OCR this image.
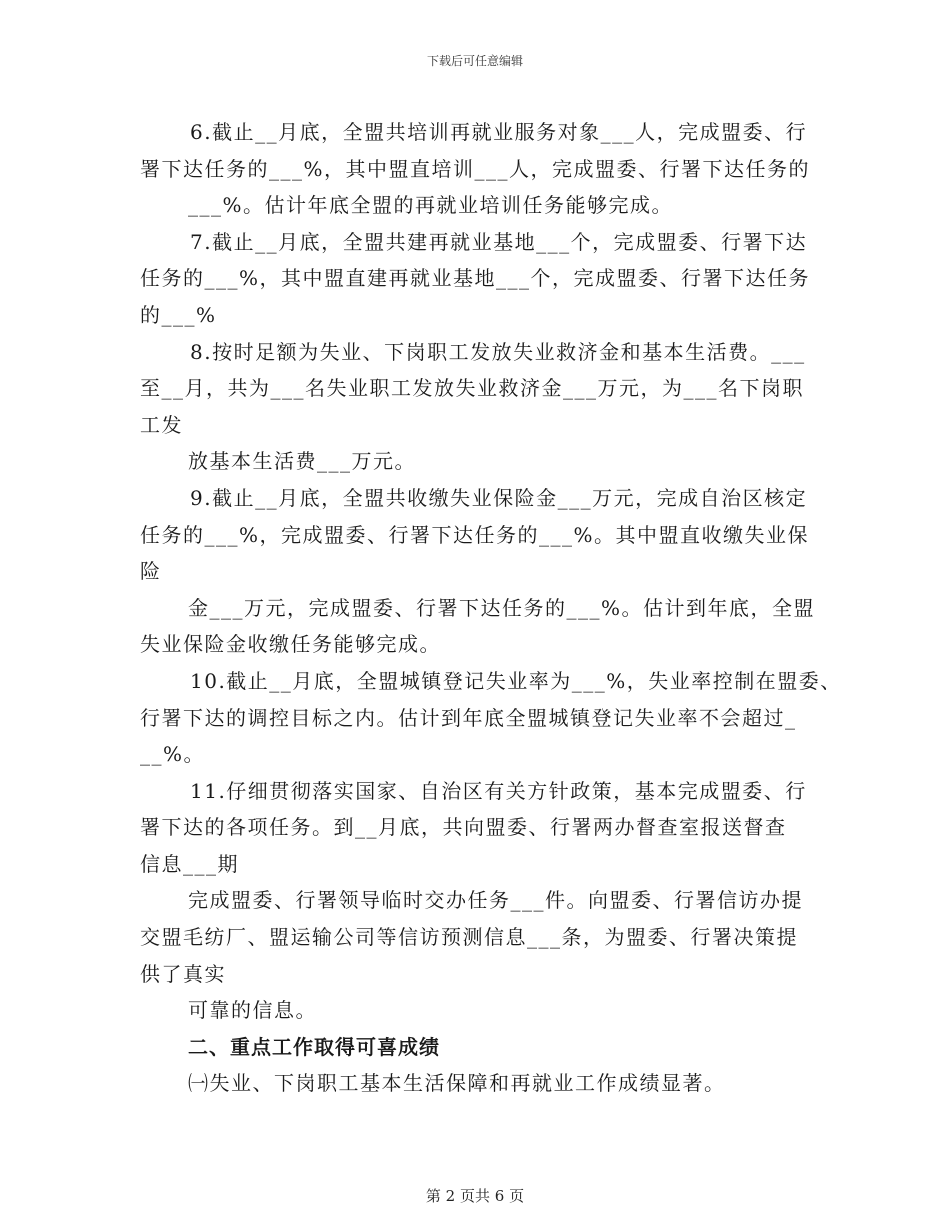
下载后可任意编辑
6.截止__月底，全盟共培训再就业服务对象___人，完成盟委、行
署下达任务的___%，其中盟直培训___人，完成盟委、行署下达任务的
___%。估计年底全盟的再就业培训任务能够完成。
7.截止__月底，全盟共建再就业基地___个，完成盟委、行署下达
任务的___%，其中盟直建再就业基地___个，完成盟委、行署下达任务
的___%
8.按时足额为失业、下岗职工发放失业救济金和基本生活费。___
至__月，共为___名失业职工发放失业救济金___万元，为___名下岗职
工发
放基本生活费___万元。
9.截止__月底，全盟共收缴失业保险金___万元，完成自治区核定
任务的___%，完成盟委、行署下达任务的___%。其中盟直收缴失业保
险
金___万元，完成盟委、行署下达任务的___%。估计到年底，全盟
失业保险金收缴任务能够完成。
10.截止__月底，全盟城镇登记失业率为___%，失业率控制在盟委、
行署下达的调控目标之内。估计到年底全盟城镇登记失业率不会超过_
__%。
11.仔细贯彻落实国家、自治区有关方针政策，基本完成盟委、行
署下达的各项任务。到__月底，共向盟委、行署两办督查室报送督查
信息___期
完成盟委、行署领导临时交办任务___件。向盟委、行署信访办提
交盟毛纺厂、盟运输公司等信访预测信息___条，为盟委、行署决策提
供了真实
可靠的信息。
二、重点工作取得可喜成绩
㈠失业、下岗职工基本生活保障和再就业工作成绩显著。
第 2 页共 6 页
